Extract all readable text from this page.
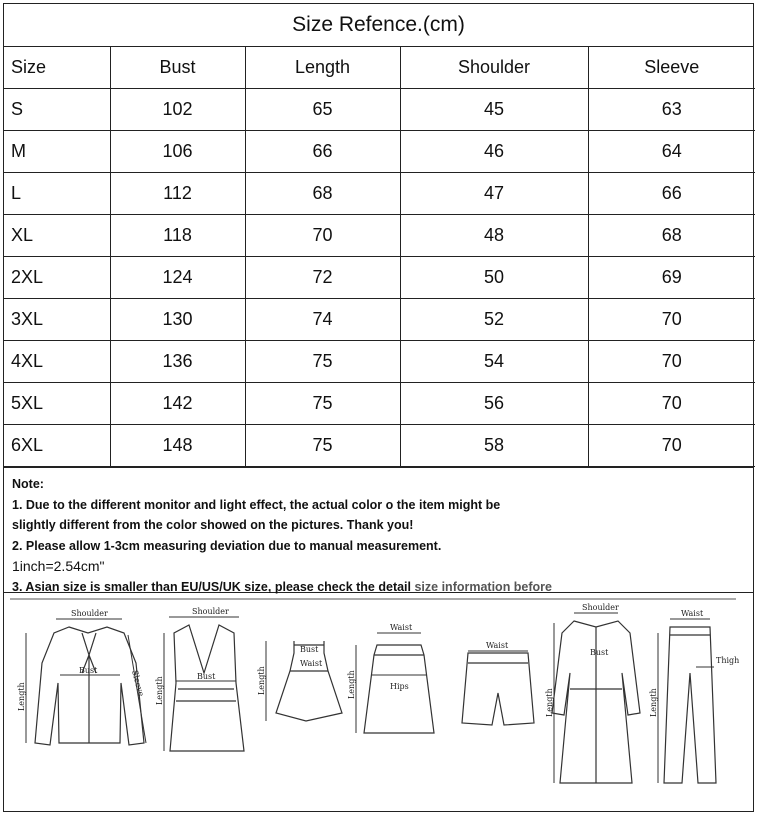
Size Refence.(cm)
Size	Bust	Length	Shoulder	Sleeve
S	102	65	45	63
M	106	66	46	64
L	112	68	47	66
XL	118	70	48	68
2XL	124	72	50	69
3XL	130	74	52	70
4XL	136	75	54	70
5XL	142	75	56	70
6XL	148	75	58	70
Note:
1. Due to the different monitor and light effect, the actual color o the item might be
slightly different from the color showed on the pictures. Thank you!
2. Please allow 1-3cm measuring deviation due to manual measurement.
1inch=2.54cm"
3. Asian size is smaller than EU/US/UK size, please check the detail size information before
Shoulder
Length
Bust	Sleeve
Shoulder
Length	Bust
Bust
Waist
Length
Waist
Length	Hips
Waist
Shoulder
Bust
Length
Waist
Length
Thigh
